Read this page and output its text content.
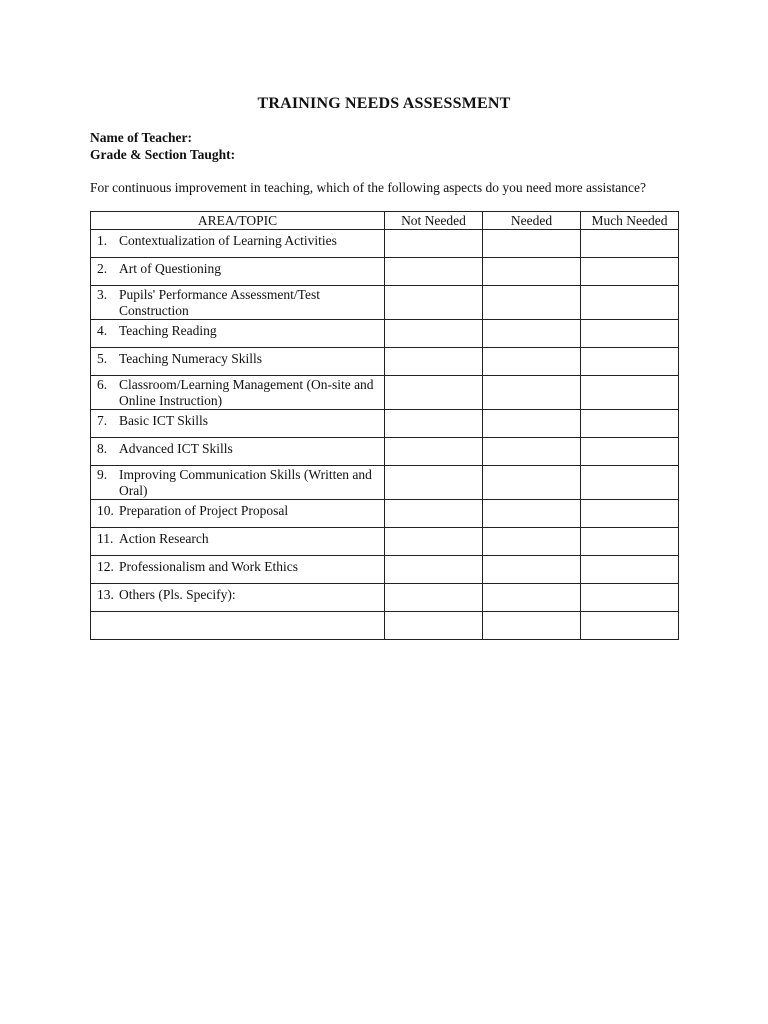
TRAINING NEEDS ASSESSMENT
Name of Teacher:
Grade & Section Taught:
For continuous improvement in teaching, which of the following aspects do you need more assistance?
AREA/TOPIC	Not Needed	Needed	Much Needed

1. Contextualization of Learning Activities			

2. Art of Questioning			

3. Pupils' Performance Assessment/Test Construction			

4. Teaching Reading			

5. Teaching Numeracy Skills			

6. Classroom/Learning Management (On-site and Online Instruction)			

7. Basic ICT Skills			

8. Advanced ICT Skills			

9. Improving Communication Skills (Written and Oral)			

10. Preparation of Project Proposal			

11. Action Research			

12. Professionalism and Work Ethics			

13. Others (Pls. Specify):			
